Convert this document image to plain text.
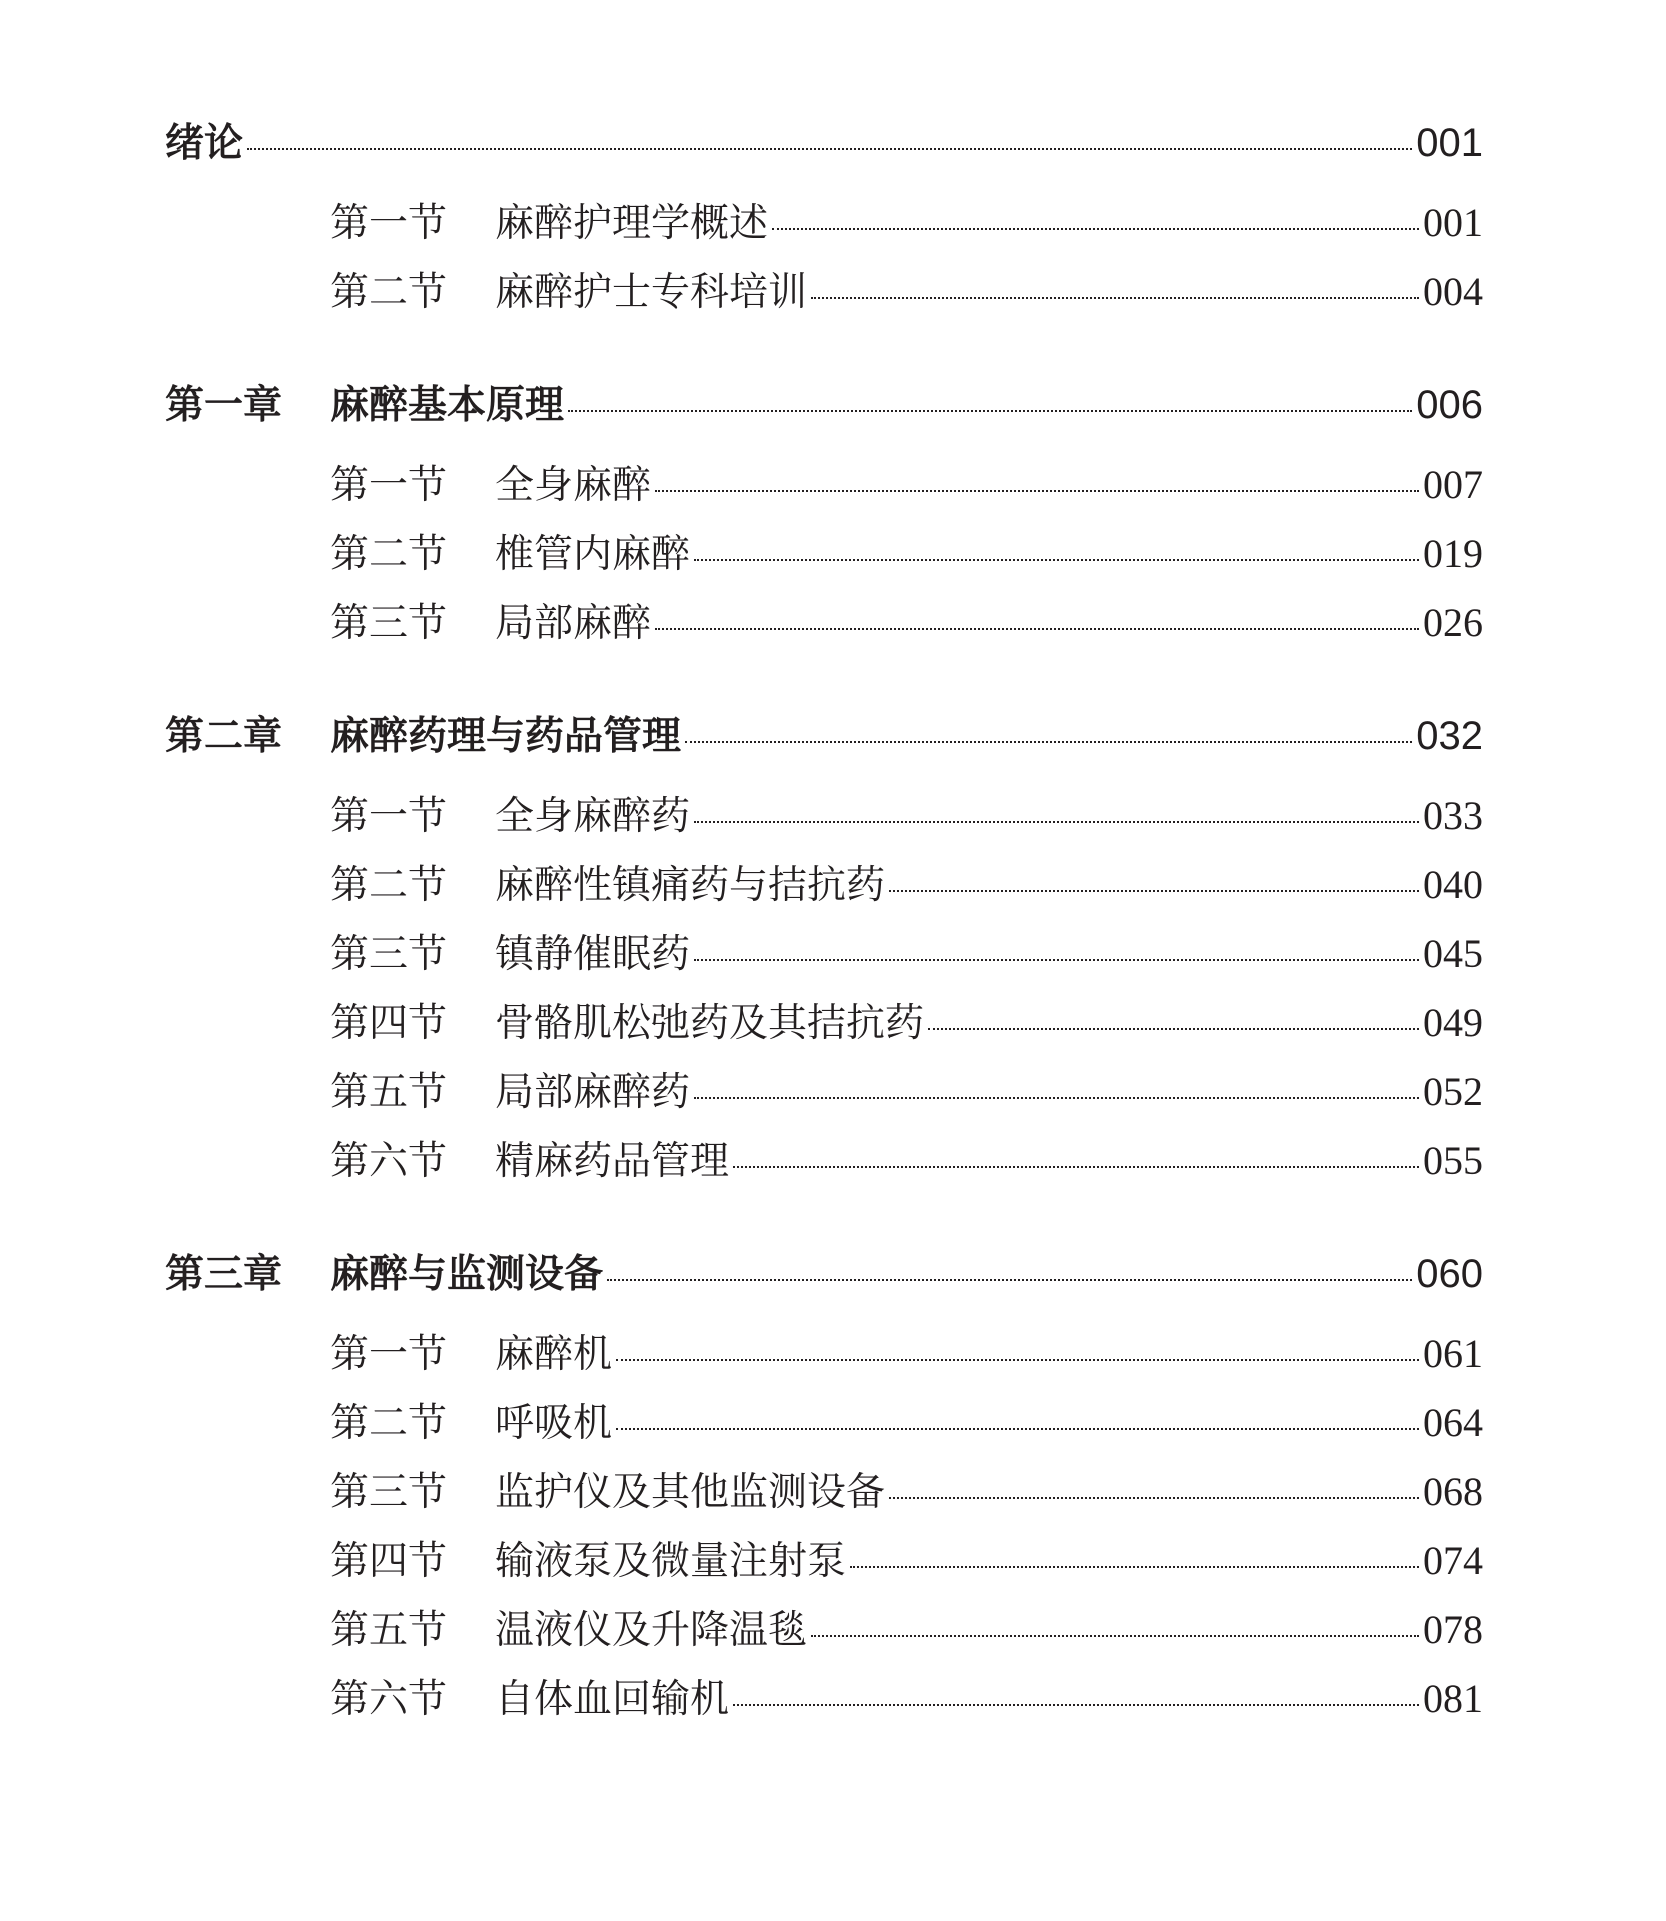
绪论	001
第一节 麻醉护理学概述	001
第二节 麻醉护士专科培训	004
第一章 麻醉基本原理	006
第一节 全身麻醉	007
第二节 椎管内麻醉	019
第三节 局部麻醉	026
第二章 麻醉药理与药品管理	032
第一节 全身麻醉药	033
第二节 麻醉性镇痛药与拮抗药	040
第三节 镇静催眠药	045
第四节 骨骼肌松弛药及其拮抗药	049
第五节 局部麻醉药	052
第六节 精麻药品管理	055
第三章 麻醉与监测设备	060
第一节 麻醉机	061
第二节 呼吸机	064
第三节 监护仪及其他监测设备	068
第四节 输液泵及微量注射泵	074
第五节 温液仪及升降温毯	078
第六节 自体血回输机	081
